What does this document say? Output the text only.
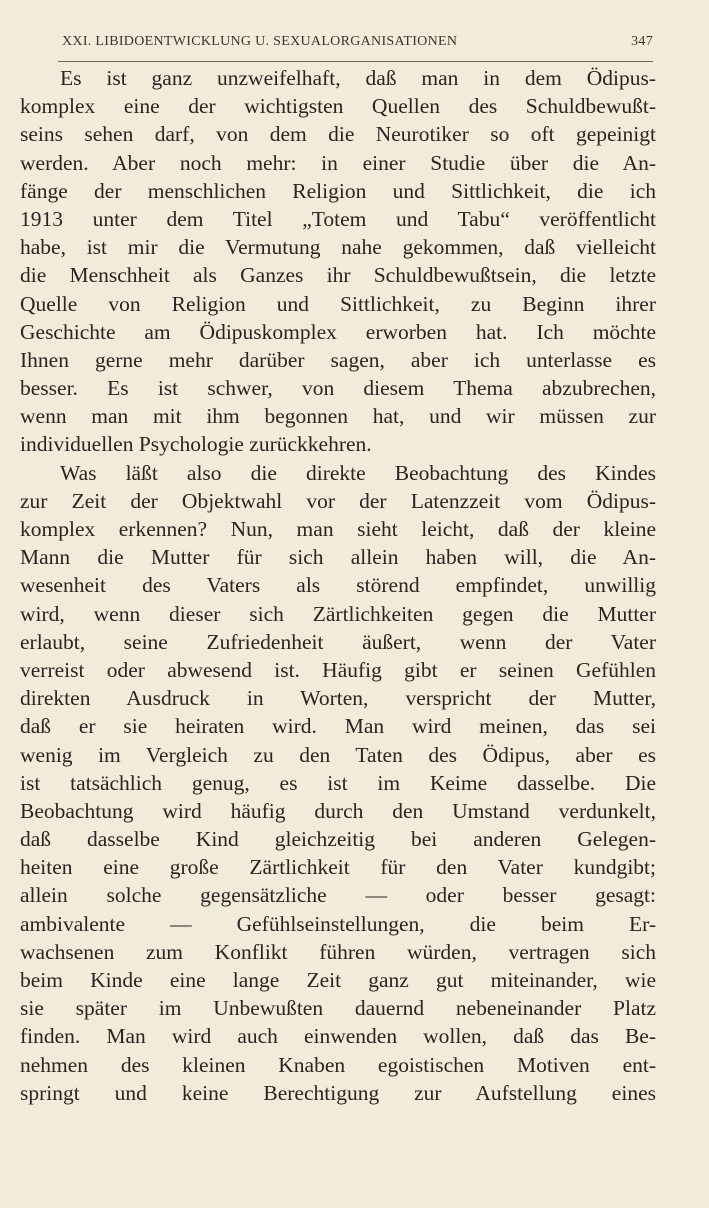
XXI. LIBIDOENTWICKLUNG U. SEXUALORGANISATIONEN	347
Es ist ganz unzweifelhaft, daß man in dem Ödipus-
komplex eine der wichtigsten Quellen des Schuldbewußt-
seins sehen darf, von dem die Neurotiker so oft gepeinigt
werden. Aber noch mehr: in einer Studie über die An-
fänge der menschlichen Religion und Sittlichkeit, die ich
1913 unter dem Titel „Totem und Tabu“ veröffentlicht
habe, ist mir die Vermutung nahe gekommen, daß vielleicht
die Menschheit als Ganzes ihr Schuldbewußtsein, die letzte
Quelle von Religion und Sittlichkeit, zu Beginn ihrer
Geschichte am Ödipuskomplex erworben hat. Ich möchte
Ihnen gerne mehr darüber sagen, aber ich unterlasse es
besser. Es ist schwer, von diesem Thema abzubrechen,
wenn man mit ihm begonnen hat, und wir müssen zur
individuellen Psychologie zurückkehren.
Was läßt also die direkte Beobachtung des Kindes
zur Zeit der Objektwahl vor der Latenzzeit vom Ödipus-
komplex erkennen? Nun, man sieht leicht, daß der kleine
Mann die Mutter für sich allein haben will, die An-
wesenheit des Vaters als störend empfindet, unwillig
wird, wenn dieser sich Zärtlichkeiten gegen die Mutter
erlaubt, seine Zufriedenheit äußert, wenn der Vater
verreist oder abwesend ist. Häufig gibt er seinen Gefühlen
direkten Ausdruck in Worten, verspricht der Mutter,
daß er sie heiraten wird. Man wird meinen, das sei
wenig im Vergleich zu den Taten des Ödipus, aber es
ist tatsächlich genug, es ist im Keime dasselbe. Die
Beobachtung wird häufig durch den Umstand verdunkelt,
daß dasselbe Kind gleichzeitig bei anderen Gelegen-
heiten eine große Zärtlichkeit für den Vater kundgibt;
allein solche gegensätzliche — oder besser gesagt:
ambivalente — Gefühlseinstellungen, die beim Er-
wachsenen zum Konflikt führen würden, vertragen sich
beim Kinde eine lange Zeit ganz gut miteinander, wie
sie später im Unbewußten dauernd nebeneinander Platz
finden. Man wird auch einwenden wollen, daß das Be-
nehmen des kleinen Knaben egoistischen Motiven ent-
springt und keine Berechtigung zur Aufstellung eines
